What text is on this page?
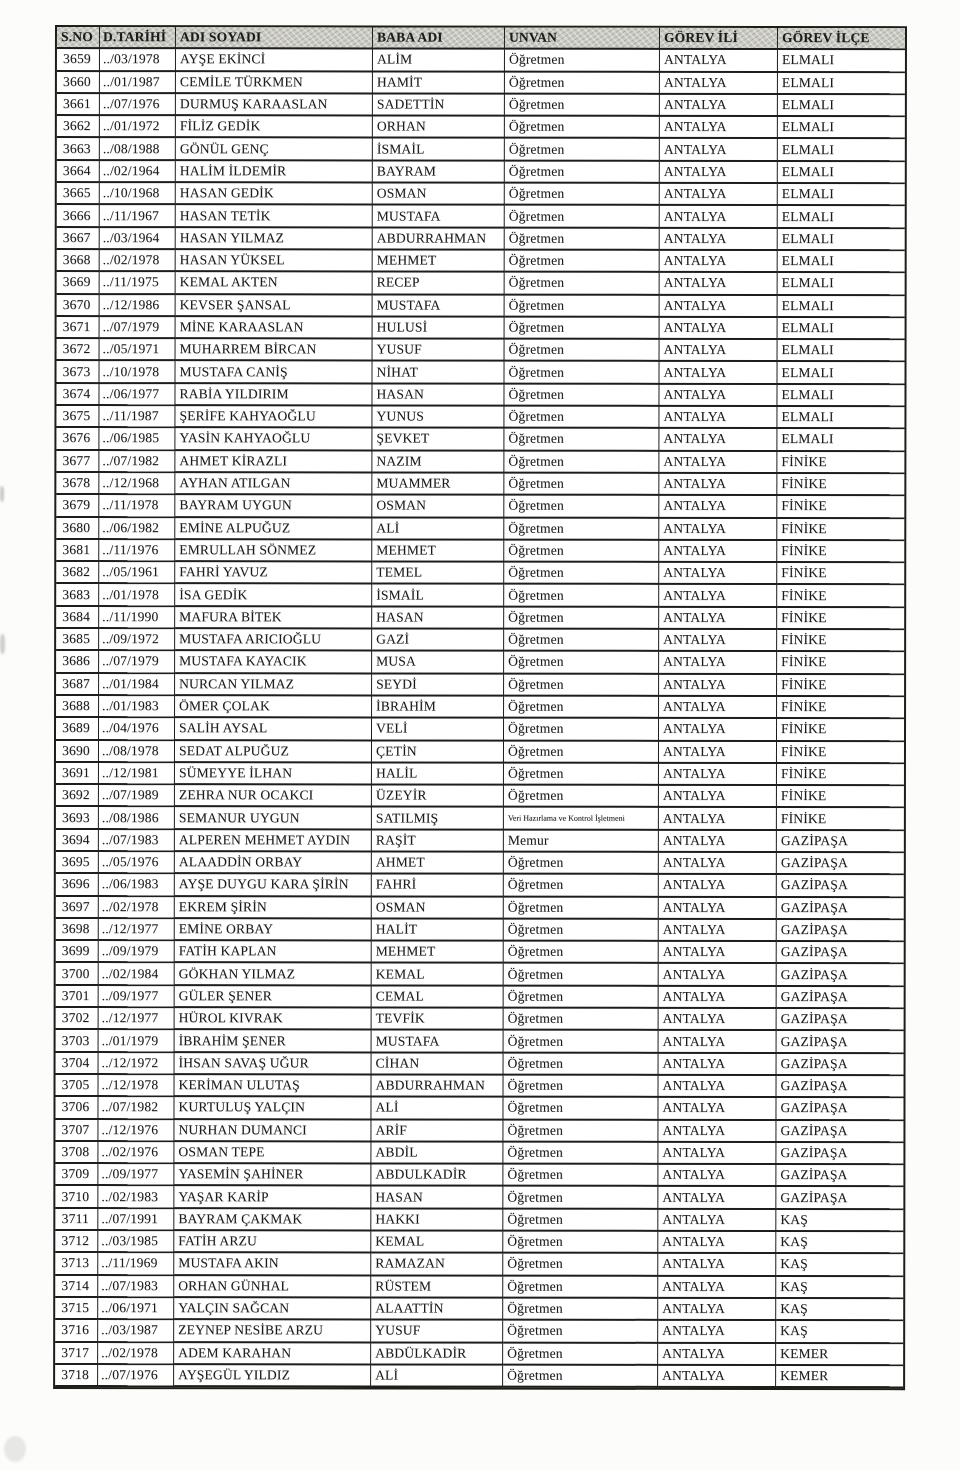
S.NO D.TARİHİ	ADI SOYADI	BABA ADI	UNVAN	GÖREV İLİ	GÖREV İLÇE
3659 ../03/1978	AYŞE EKİNCİ	ALİM	Öğretmen	ANTALYA	ELMALI
3660 ../01/1987	CEMİLE TÜRKMEN	HAMİT	Öğretmen	ANTALYA	ELMALI
3661 ../07/1976	DURMUŞ KARAASLAN	SADETTİN	Öğretmen	ANTALYA	ELMALI
3662 ../01/1972	FİLİZ GEDİK	ORHAN	Öğretmen	ANTALYA	ELMALI
3663 ../08/1988	GÖNÜL GENÇ	İSMAİL	Öğretmen	ANTALYA	ELMALI
3664 ../02/1964	HALİM İLDEMİR	BAYRAM	Öğretmen	ANTALYA	ELMALI
3665 ../10/1968	HASAN GEDİK	OSMAN	Öğretmen	ANTALYA	ELMALI
3666 ../11/1967	HASAN TETİK	MUSTAFA	Öğretmen	ANTALYA	ELMALI
3667 ../03/1964	HASAN YILMAZ	ABDURRAHMAN	Öğretmen	ANTALYA	ELMALI
3668 ../02/1978	HASAN YÜKSEL	MEHMET	Öğretmen	ANTALYA	ELMALI
3669 ../11/1975	KEMAL AKTEN	RECEP	Öğretmen	ANTALYA	ELMALI
3670 ../12/1986	KEVSER ŞANSAL	MUSTAFA	Öğretmen	ANTALYA	ELMALI
3671 ../07/1979	MİNE KARAASLAN	HULUSİ	Öğretmen	ANTALYA	ELMALI
3672 ../05/1971	MUHARREM BİRCAN	YUSUF	Öğretmen	ANTALYA	ELMALI
3673 ../10/1978	MUSTAFA CANİŞ	NİHAT	Öğretmen	ANTALYA	ELMALI
3674 ../06/1977	RABİA YILDIRIM	HASAN	Öğretmen	ANTALYA	ELMALI
3675 ../11/1987	ŞERİFE KAHYAOĞLU	YUNUS	Öğretmen	ANTALYA	ELMALI
3676 ../06/1985	YASİN KAHYAOĞLU	ŞEVKET	Öğretmen	ANTALYA	ELMALI
3677 ../07/1982	AHMET KİRAZLI	NAZIM	Öğretmen	ANTALYA	FİNİKE
3678 ../12/1968	AYHAN ATILGAN	MUAMMER	Öğretmen	ANTALYA	FİNİKE
3679 ../11/1978	BAYRAM UYGUN	OSMAN	Öğretmen	ANTALYA	FİNİKE
3680 ../06/1982	EMİNE ALPUĞUZ	ALİ	Öğretmen	ANTALYA	FİNİKE
3681 ../11/1976	EMRULLAH SÖNMEZ	MEHMET	Öğretmen	ANTALYA	FİNİKE
3682 ../05/1961	FAHRİ YAVUZ	TEMEL	Öğretmen	ANTALYA	FİNİKE
3683 ../01/1978	İSA GEDİK	İSMAİL	Öğretmen	ANTALYA	FİNİKE
3684 ../11/1990	MAFURA BİTEK	HASAN	Öğretmen	ANTALYA	FİNİKE
3685 ../09/1972	MUSTAFA ARICIOĞLU	GAZİ	Öğretmen	ANTALYA	FİNİKE
3686 ../07/1979	MUSTAFA KAYACIK	MUSA	Öğretmen	ANTALYA	FİNİKE
3687 ../01/1984	NURCAN YILMAZ	SEYDİ	Öğretmen	ANTALYA	FİNİKE
3688 ../01/1983	ÖMER ÇOLAK	İBRAHİM	Öğretmen	ANTALYA	FİNİKE
3689 ../04/1976	SALİH AYSAL	VELİ	Öğretmen	ANTALYA	FİNİKE
3690 ../08/1978	SEDAT ALPUĞUZ	ÇETİN	Öğretmen	ANTALYA	FİNİKE
3691 ../12/1981	SÜMEYYE İLHAN	HALİL	Öğretmen	ANTALYA	FİNİKE
3692 ../07/1989	ZEHRA NUR OCAKCI	ÜZEYİR	Öğretmen	ANTALYA	FİNİKE
3693 ../08/1986	SEMANUR UYGUN	SATILMIŞ	Veri Hazırlama ve Kontrol İşletmeni	ANTALYA	FİNİKE
3694 ../07/1983	ALPEREN MEHMET AYDIN	RAŞİT	Memur	ANTALYA	GAZİPAŞA
3695 ../05/1976	ALAADDİN ORBAY	AHMET	Öğretmen	ANTALYA	GAZİPAŞA
3696 ../06/1983	AYŞE DUYGU KARA ŞİRİN	FAHRİ	Öğretmen	ANTALYA	GAZİPAŞA
3697 ../02/1978	EKREM ŞİRİN	OSMAN	Öğretmen	ANTALYA	GAZİPAŞA
3698 ../12/1977	EMİNE ORBAY	HALİT	Öğretmen	ANTALYA	GAZİPAŞA
3699 ../09/1979	FATİH KAPLAN	MEHMET	Öğretmen	ANTALYA	GAZİPAŞA
3700 ../02/1984	GÖKHAN YILMAZ	KEMAL	Öğretmen	ANTALYA	GAZİPAŞA
3701 ../09/1977	GÜLER ŞENER	CEMAL	Öğretmen	ANTALYA	GAZİPAŞA
3702 ../12/1977	HÜROL KIVRAK	TEVFİK	Öğretmen	ANTALYA	GAZİPAŞA
3703 ../01/1979	İBRAHİM ŞENER	MUSTAFA	Öğretmen	ANTALYA	GAZİPAŞA
3704 ../12/1972	İHSAN SAVAŞ UĞUR	CİHAN	Öğretmen	ANTALYA	GAZİPAŞA
3705 ../12/1978	KERİMAN ULUTAŞ	ABDURRAHMAN	Öğretmen	ANTALYA	GAZİPAŞA
3706 ../07/1982	KURTULUŞ YALÇIN	ALİ	Öğretmen	ANTALYA	GAZİPAŞA
3707 ../12/1976	NURHAN DUMANCI	ARİF	Öğretmen	ANTALYA	GAZİPAŞA
3708 ../02/1976	OSMAN TEPE	ABDİL	Öğretmen	ANTALYA	GAZİPAŞA
3709 ../09/1977	YASEMİN ŞAHİNER	ABDULKADİR	Öğretmen	ANTALYA	GAZİPAŞA
3710 ../02/1983	YAŞAR KARİP	HASAN	Öğretmen	ANTALYA	GAZİPAŞA
3711 ../07/1991	BAYRAM ÇAKMAK	HAKKI	Öğretmen	ANTALYA	KAŞ
3712 ../03/1985	FATİH ARZU	KEMAL	Öğretmen	ANTALYA	KAŞ
3713 ../11/1969	MUSTAFA AKIN	RAMAZAN	Öğretmen	ANTALYA	KAŞ
3714 ../07/1983	ORHAN GÜNHAL	RÜSTEM	Öğretmen	ANTALYA	KAŞ
3715 ../06/1971	YALÇIN SAĞCAN	ALAATTİN	Öğretmen	ANTALYA	KAŞ
3716 ../03/1987	ZEYNEP NESİBE ARZU	YUSUF	Öğretmen	ANTALYA	KAŞ
3717 ../02/1978	ADEM KARAHAN	ABDÜLKADİR	Öğretmen	ANTALYA	KEMER
3718 ../07/1976	AYŞEGÜL YILDIZ	ALİ	Öğretmen	ANTALYA	KEMER
